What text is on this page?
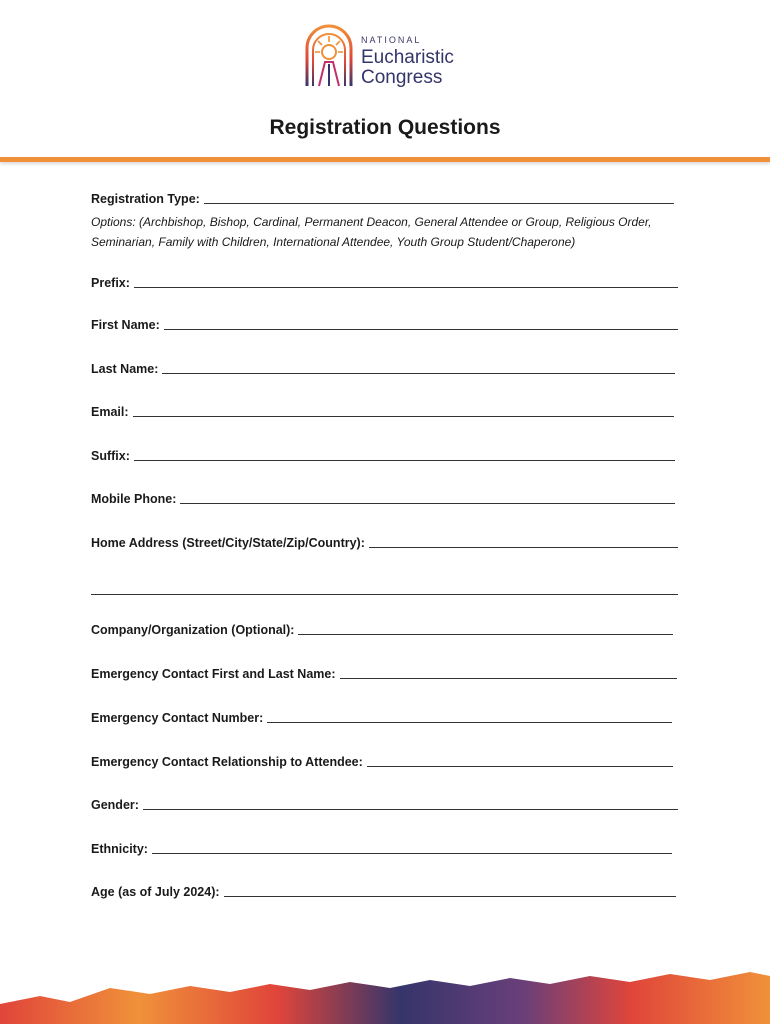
NATIONAL
Eucharistic
Congress
Registration Questions
Registration Type:
Options: (Archbishop, Bishop, Cardinal, Permanent Deacon, General Attendee or Group, Religious Order, Seminarian, Family with Children, International Attendee, Youth Group Student/Chaperone)
Prefix:
First Name:
Last Name:
Email:
Suffix:
Mobile Phone:
Home Address (Street/City/State/Zip/Country):
Company/Organization (Optional):
Emergency Contact First and Last Name:
Emergency Contact Number:
Emergency Contact Relationship to Attendee:
Gender:
Ethnicity:
Age (as of July 2024):
